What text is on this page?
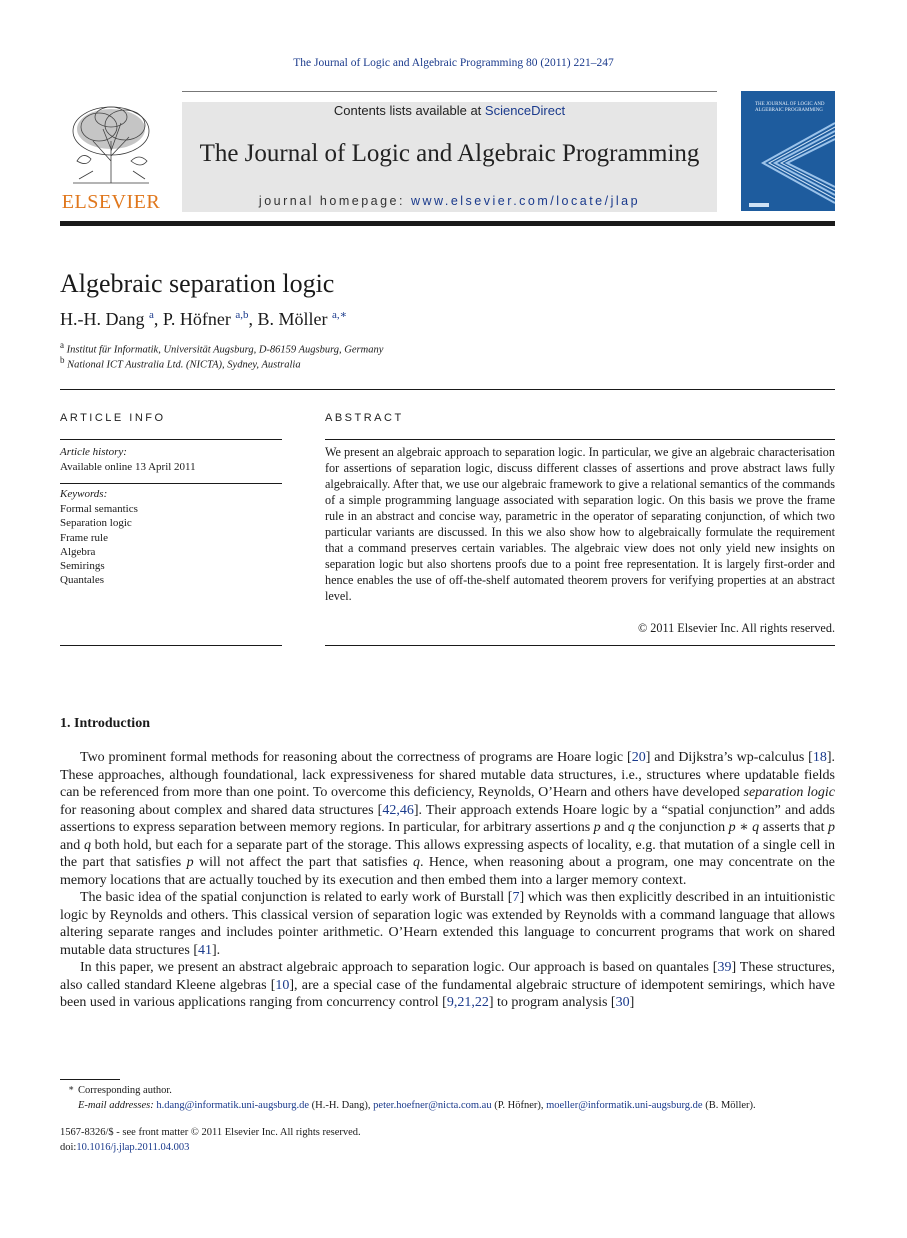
The Journal of Logic and Algebraic Programming 80 (2011) 221–247
ELSEVIER
Contents lists available at ScienceDirect
The Journal of Logic and Algebraic Programming
journal homepage: www.elsevier.com/locate/jlap
THE JOURNAL OF LOGIC AND ALGEBRAIC PROGRAMMING
Algebraic separation logic
H.-H. Dang $^a$, P. Höfner $^{a,b}$, B. Möller $^{a,∗}$
$^a$ Institut für Informatik, Universität Augsburg, D-86159 Augsburg, Germany
$^b$ National ICT Australia Ltd. (NICTA), Sydney, Australia
ARTICLE INFO
Article history:
Available online 13 April 2011
Keywords:
Formal semantics
Separation logic
Frame rule
Algebra
Semirings
Quantales
ABSTRACT

We present an algebraic approach to separation logic. In particular, we give an algebraic characterisation for assertions of separation logic, discuss different classes of assertions and prove abstract laws fully algebraically. After that, we use our algebraic framework to give a relational semantics of the commands of a simple programming language associated with separation logic. On this basis we prove the frame rule in an abstract and concise way, parametric in the operator of separating conjunction, of which two particular variants are discussed. In this we also show how to algebraically formulate the requirement that a command preserves certain variables. The algebraic view does not only yield new insights on separation logic but also shortens proofs due to a point free representation. It is largely first-order and hence enables the use of off-the-shelf automated theorem provers for verifying properties at an abstract level.

© 2011 Elsevier Inc. All rights reserved.
1. Introduction

Two prominent formal methods for reasoning about the correctness of programs are Hoare logic [20] and Dijkstra’s wp-calculus [18]. These approaches, although foundational, lack expressiveness for shared mutable data structures, i.e., structures where updatable fields can be referenced from more than one point. To overcome this deficiency, Reynolds, O’Hearn and others have developed separation logic for reasoning about complex and shared data structures [42,46]. Their approach extends Hoare logic by a “spatial conjunction” and adds assertions to express separation between memory regions. In particular, for arbitrary assertions p and q the conjunction p ∗ q asserts that p and q both hold, but each for a separate part of the storage. This allows expressing aspects of locality, e.g. that mutation of a single cell in the part that satisfies p will not affect the part that satisfies q. Hence, when reasoning about a program, one may concentrate on the memory locations that are actually touched by its execution and then embed them into a larger memory context.

The basic idea of the spatial conjunction is related to early work of Burstall [7] which was then explicitly described in an intuitionistic logic by Reynolds and others. This classical version of separation logic was extended by Reynolds with a command language that allows altering separate ranges and includes pointer arithmetic. O’Hearn extended this language to concurrent programs that work on shared mutable data structures [41].

In this paper, we present an abstract algebraic approach to separation logic. Our approach is based on quantales [39] These structures, also called standard Kleene algebras [10], are a special case of the fundamental algebraic structure of idempotent semirings, which have been used in various applications ranging from concurrency control [9,21,22] to program analysis [30]

∗ Corresponding author.
E-mail addresses: h.dang@informatik.uni-augsburg.de (H.-H. Dang), peter.hoefner@nicta.com.au (P. Höfner), moeller@informatik.uni-augsburg.de (B. Möller).
1567-8326/$ - see front matter © 2011 Elsevier Inc. All rights reserved.
doi:10.1016/j.jlap.2011.04.003
